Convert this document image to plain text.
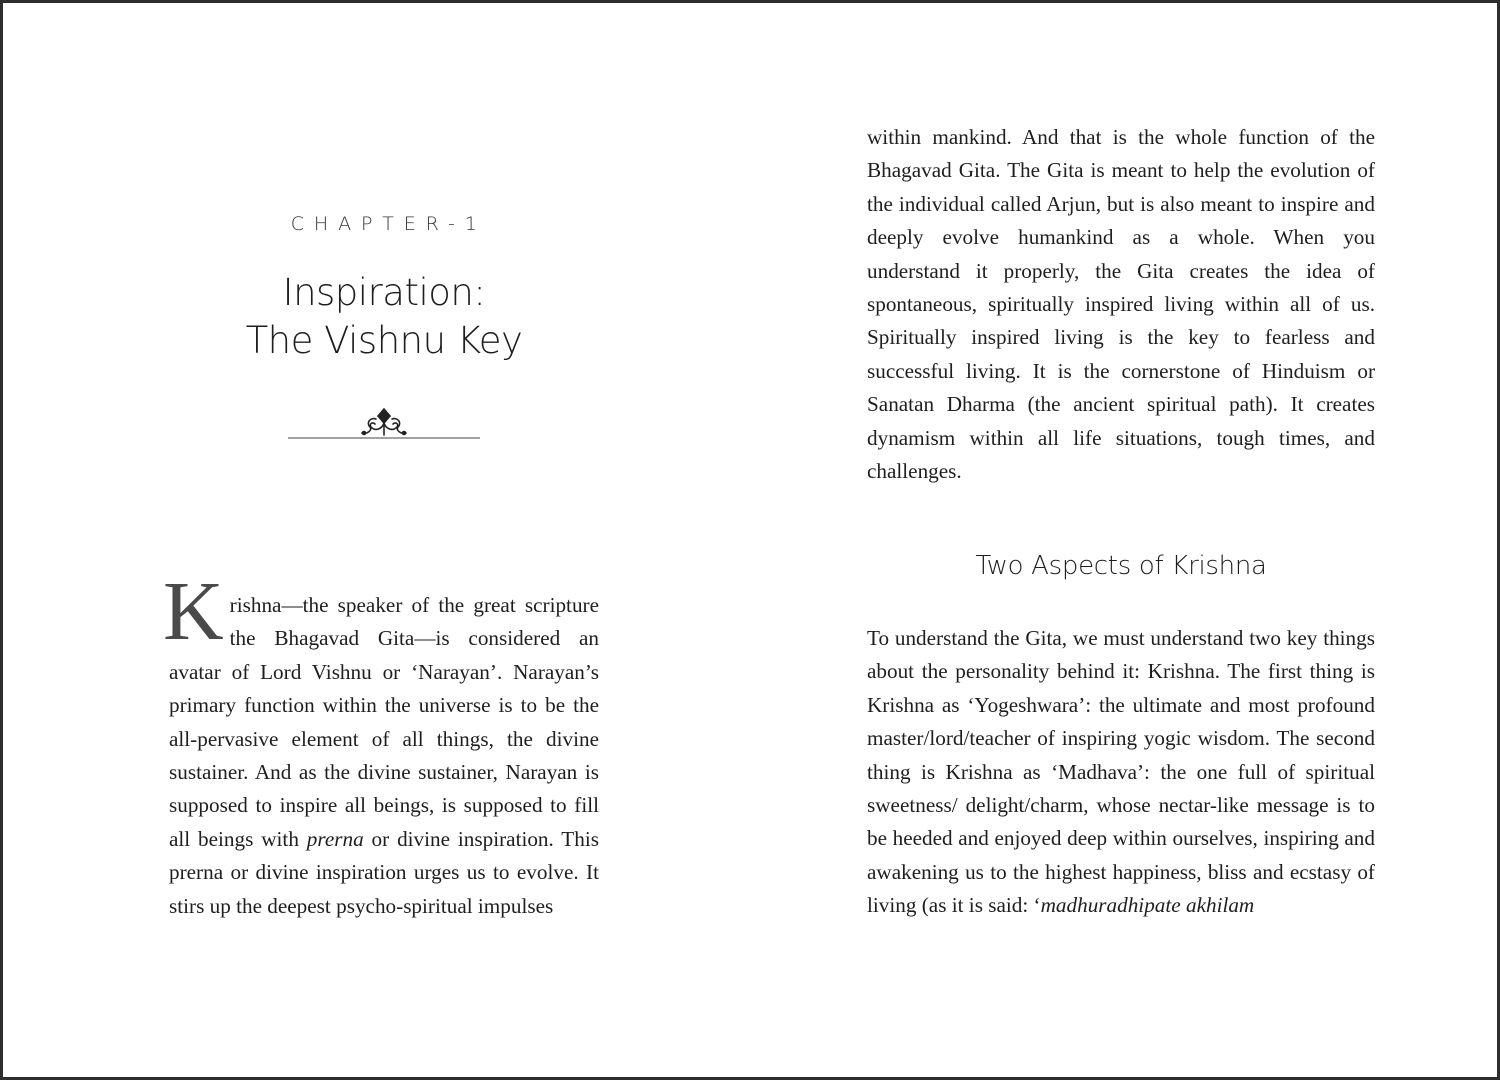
CHAPTER-1
Inspiration:
The Vishnu Key

Krishna—the speaker of the great scripture the Bhagavad Gita—is considered an avatar of Lord Vishnu or ‘Narayan’. Narayan’s primary function within the universe is to be the all-pervasive element of all things, the divine sustainer. And as the divine sustainer, Narayan is supposed to inspire all beings, is supposed to fill all beings with prerna or divine inspiration. This prerna or divine inspiration urges us to evolve. It stirs up the deepest psycho-spiritual impulses

within mankind. And that is the whole function of the Bhagavad Gita. The Gita is meant to help the evolution of the individual called Arjun, but is also meant to inspire and deeply evolve humankind as a whole. When you understand it properly, the Gita creates the idea of spontaneous, spiritually inspired living within all of us. Spiritually inspired living is the key to fearless and successful living. It is the cornerstone of Hinduism or Sanatan Dharma (the ancient spiritual path). It creates dynamism within all life situations, tough times, and challenges.

Two Aspects of Krishna

To understand the Gita, we must understand two key things about the personality behind it: Krishna. The first thing is Krishna as ‘Yogeshwara’: the ultimate and most profound master/lord/teacher of inspiring yogic wisdom. The second thing is Krishna as ‘Madhava’: the one full of spiritual sweetness/ delight/charm, whose nectar-like message is to be heeded and enjoyed deep within ourselves, inspiring and awakening us to the highest happiness, bliss and ecstasy of living (as it is said: ‘madhuradhipate akhilam
